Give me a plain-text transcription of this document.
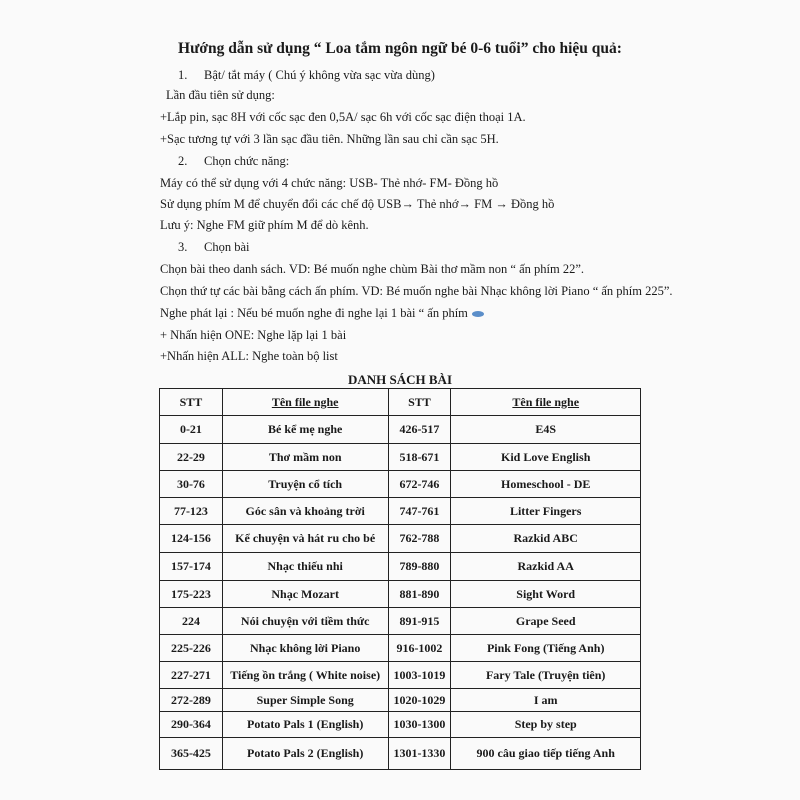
Hướng dẫn sử dụng “ Loa tắm ngôn ngữ bé 0-6 tuổi” cho hiệu quả:
1. Bật/ tắt máy ( Chú ý không vừa sạc vừa dùng)
Lần đầu tiên sử dụng:
+Lắp pin, sạc 8H với cốc sạc đen 0,5A/ sạc 6h với cốc sạc điện thoại 1A.
+Sạc tương tự với 3 lần sạc đầu tiên. Những lần sau chỉ cần sạc 5H.
2. Chọn chức năng:
Máy có thể sử dụng với 4 chức năng: USB- Thẻ nhớ- FM- Đồng hồ
Sử dụng phím M để chuyển đổi các chế độ USB→ Thẻ nhớ→ FM → Đồng hồ
Lưu ý: Nghe FM giữ phím M để dò kênh.
3. Chọn bài
Chọn bài theo danh sách. VD: Bé muốn nghe chùm Bài thơ mầm non “ ấn phím 22”.
Chọn thứ tự các bài bằng cách ấn phím. VD: Bé muốn nghe bài Nhạc không lời Piano “ ấn phím 225”.
Nghe phát lại : Nếu bé muốn nghe đi nghe lại 1 bài “ ấn phím
+ Nhấn hiện ONE: Nghe lặp lại 1 bài
+Nhấn hiện ALL: Nghe toàn bộ list
DANH SÁCH BÀI
STT	Tên file nghe	STT	Tên file nghe
0-21	Bé kể mẹ nghe	426-517	E4S
22-29	Thơ mầm non	518-671	Kid Love English
30-76	Truyện cổ tích	672-746	Homeschool - DE
77-123	Góc sân và khoảng trời	747-761	Litter Fingers
124-156	Kể chuyện và hát ru cho bé	762-788	Razkid ABC
157-174	Nhạc thiếu nhi	789-880	Razkid AA
175-223	Nhạc Mozart	881-890	Sight Word
224	Nói chuyện với tiềm thức	891-915	Grape Seed
225-226	Nhạc không lời Piano	916-1002	Pink Fong (Tiếng Anh)
227-271	Tiếng ồn trắng ( White noise)	1003-1019	Fary Tale (Truyện tiên)
272-289	Super Simple Song	1020-1029	I am
290-364	Potato Pals 1 (English)	1030-1300	Step by step
365-425	Potato Pals 2 (English)	1301-1330	900 câu giao tiếp tiếng Anh
